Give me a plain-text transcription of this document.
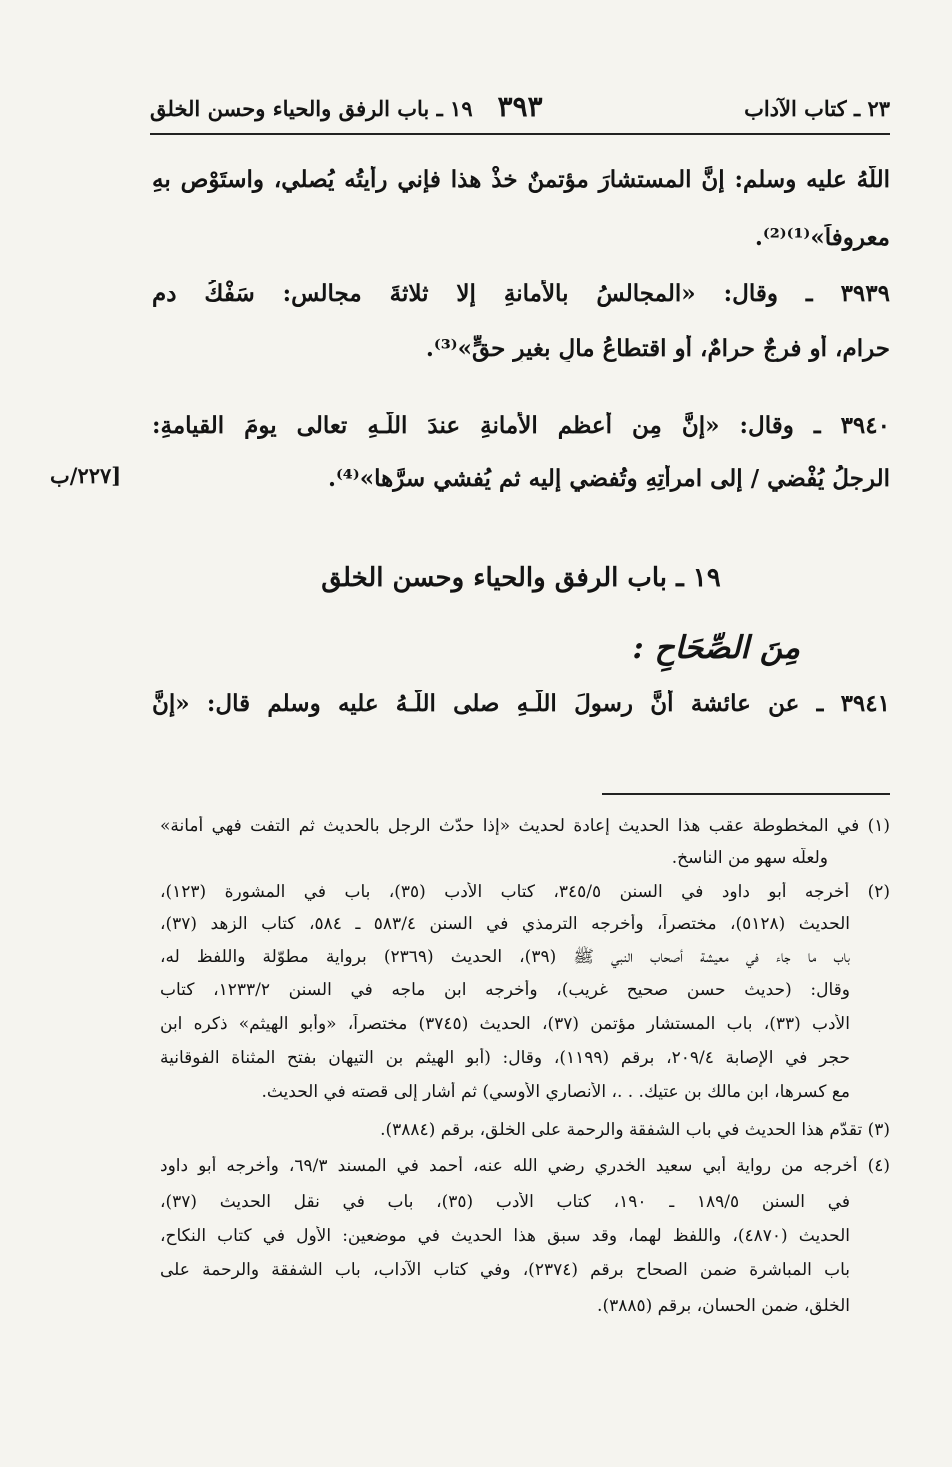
٢٣ ـ كتاب الآداب
٣٩٣
١٩ ـ باب الرفق والحياء وحسن الخلق
اللَّهُ عليه وسلم: إنَّ المستشارَ مؤتمنٌ خذْ هذا فإني رأيتُه يُصلي، واستَوْصِ بهِ
معروفاً»⁽¹⁾⁽²⁾.
٣٩٣٩ ـ وقال: «المجالسُ بالأمانةِ إلا ثلاثةَ مجالسٍ: سَفْكُ دمٍ
حرامٍ، أو فرجٌ حرامٌ، أو اقتطاعُ مالٍ بغيرِ حقٍّ»⁽³⁾.
٣٩٤٠ ـ وقال: «إنَّ مِن أعظمِ الأمانةِ عندَ اللَّـهِ تعالى يومَ القيامةِ:
الرجلُ يُفْضي / إلى امرأتِهِ وتُفضي إليه ثم يُفشي سرَّها»⁽⁴⁾.
[٢٢٧/ب
١٩ ـ باب الرفق والحياء وحسن الخلق
مِنَ الصِّحَاحِ :
٣٩٤١ ـ عن عائشة أنَّ رسولَ اللَّـهِ صلى اللَّـهُ عليه وسلم قال: «إنَّ
(١) في المخطوطة عقب هذا الحديث إعادة لحديث «إذا حدّث الرجل بالحديث ثم التفت فهي أمانة»
ولعلّه سهو من الناسخ.
(٢) أخرجه أبو داود في السنن ٣٤٥/٥، كتاب الأدب (٣٥)، باب في المشورة (١٢٣)،
الحديث (٥١٢٨)، مختصراً، وأخرجه الترمذي في السنن ٥٨٣/٤ ـ ٥٨٤، كتاب الزهد (٣٧)،
باب ما جاء في معيشة أصحاب النبي ﷺ (٣٩)، الحديث (٢٣٦٩) برواية مطوّلة واللفظ له،
وقال: (حديث حسن صحيح غريب)، وأخرجه ابن ماجه في السنن ١٢٣٣/٢، كتاب
الأدب (٣٣)، باب المستشار مؤتمن (٣٧)، الحديث (٣٧٤٥) مختصراً، «وأبو الهيثم» ذكره ابن
حجر في الإصابة ٢٠٩/٤، برقم (١١٩٩)، وقال: (أبو الهيثم بن التيهان بفتح المثناة الفوقانية
مع كسرها، ابن مالك بن عتيك. . .، الأنصاري الأوسي) ثم أشار إلى قصته في الحديث.
(٣) تقدّم هذا الحديث في باب الشفقة والرحمة على الخلق، برقم (٣٨٨٤).
(٤) أخرجه من رواية أبي سعيد الخدري رضي الله عنه، أحمد في المسند ٦٩/٣، وأخرجه أبو داود
في السنن ١٨٩/٥ ـ ١٩٠، كتاب الأدب (٣٥)، باب في نقل الحديث (٣٧)،
الحديث (٤٨٧٠)، واللفظ لهما، وقد سبق هذا الحديث في موضعين: الأول في كتاب النكاح،
باب المباشرة ضمن الصحاح برقم (٢٣٧٤)، وفي كتاب الآداب، باب الشفقة والرحمة على
الخلق، ضمن الحسان، برقم (٣٨٨٥).
